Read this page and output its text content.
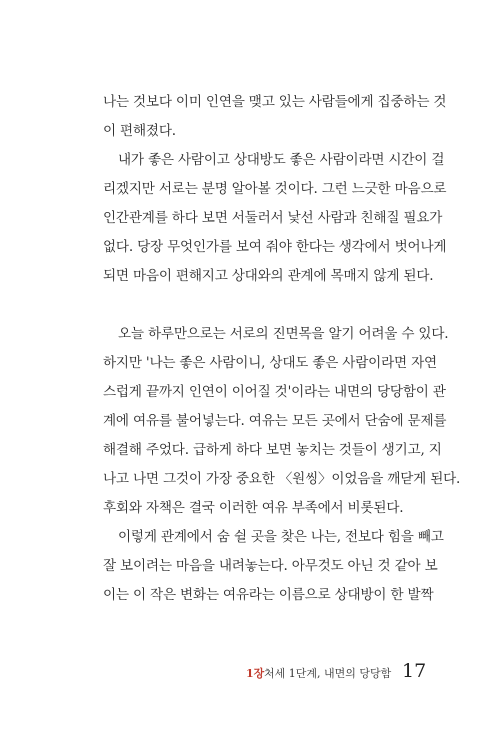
나는 것보다 이미 인연을 맺고 있는 사람들에게 집중하는 것
이 편해졌다.
내가 좋은 사람이고 상대방도 좋은 사람이라면 시간이 걸
리겠지만 서로는 분명 알아볼 것이다. 그런 느긋한 마음으로
인간관계를 하다 보면 서둘러서 낯선 사람과 친해질 필요가
없다. 당장 무엇인가를 보여 줘야 한다는 생각에서 벗어나게
되면 마음이 편해지고 상대와의 관계에 목매지 않게 된다.
오늘 하루만으로는 서로의 진면목을 알기 어려울 수 있다.
하지만 '나는 좋은 사람이니, 상대도 좋은 사람이라면 자연
스럽게 끝까지 인연이 이어질 것'이라는 내면의 당당함이 관
계에 여유를 불어넣는다. 여유는 모든 곳에서 단숨에 문제를
해결해 주었다. 급하게 하다 보면 놓치는 것들이 생기고, 지
나고 나면 그것이 가장 중요한 〈원씽〉이었음을 깨닫게 된다.
후회와 자책은 결국 이러한 여유 부족에서 비롯된다.
이렇게 관계에서 숨 쉴 곳을 찾은 나는, 전보다 힘을 빼고
잘 보이려는 마음을 내려놓는다. 아무것도 아닌 것 같아 보
이는 이 작은 변화는 여유라는 이름으로 상대방이 한 발짝
1장 처세 1단계, 내면의 당당함 17
